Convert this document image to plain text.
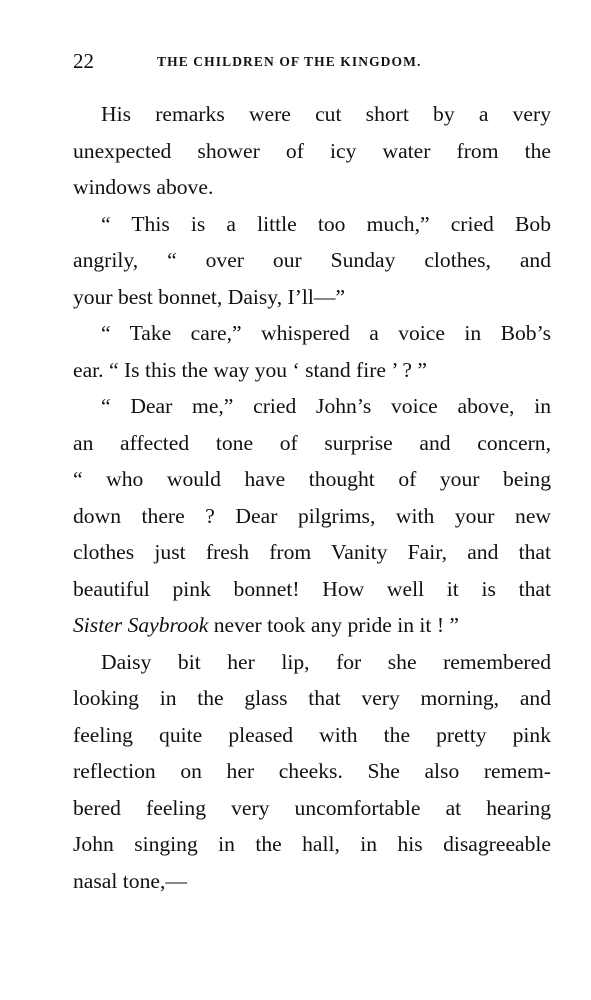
22	THE CHILDREN OF THE KINGDOM.

His remarks were cut short by a very
unexpected shower of icy water from the
windows above.

“ This is a little too much,” cried Bob
angrily, “ over our Sunday clothes, and
your best bonnet, Daisy, I’ll—”

“ Take care,” whispered a voice in Bob’s
ear. “ Is this the way you ‘ stand fire ’ ? ”

“ Dear me,” cried John’s voice above, in
an affected tone of surprise and concern,
“ who would have thought of your being
down there ? Dear pilgrims, with your new
clothes just fresh from Vanity Fair, and that
beautiful pink bonnet! How well it is that
Sister Saybrook never took any pride in it ! ”

Daisy bit her lip, for she remembered
looking in the glass that very morning, and
feeling quite pleased with the pretty pink
reflection on her cheeks. She also remem-
bered feeling very uncomfortable at hearing
John singing in the hall, in his disagreeable
nasal tone,—
